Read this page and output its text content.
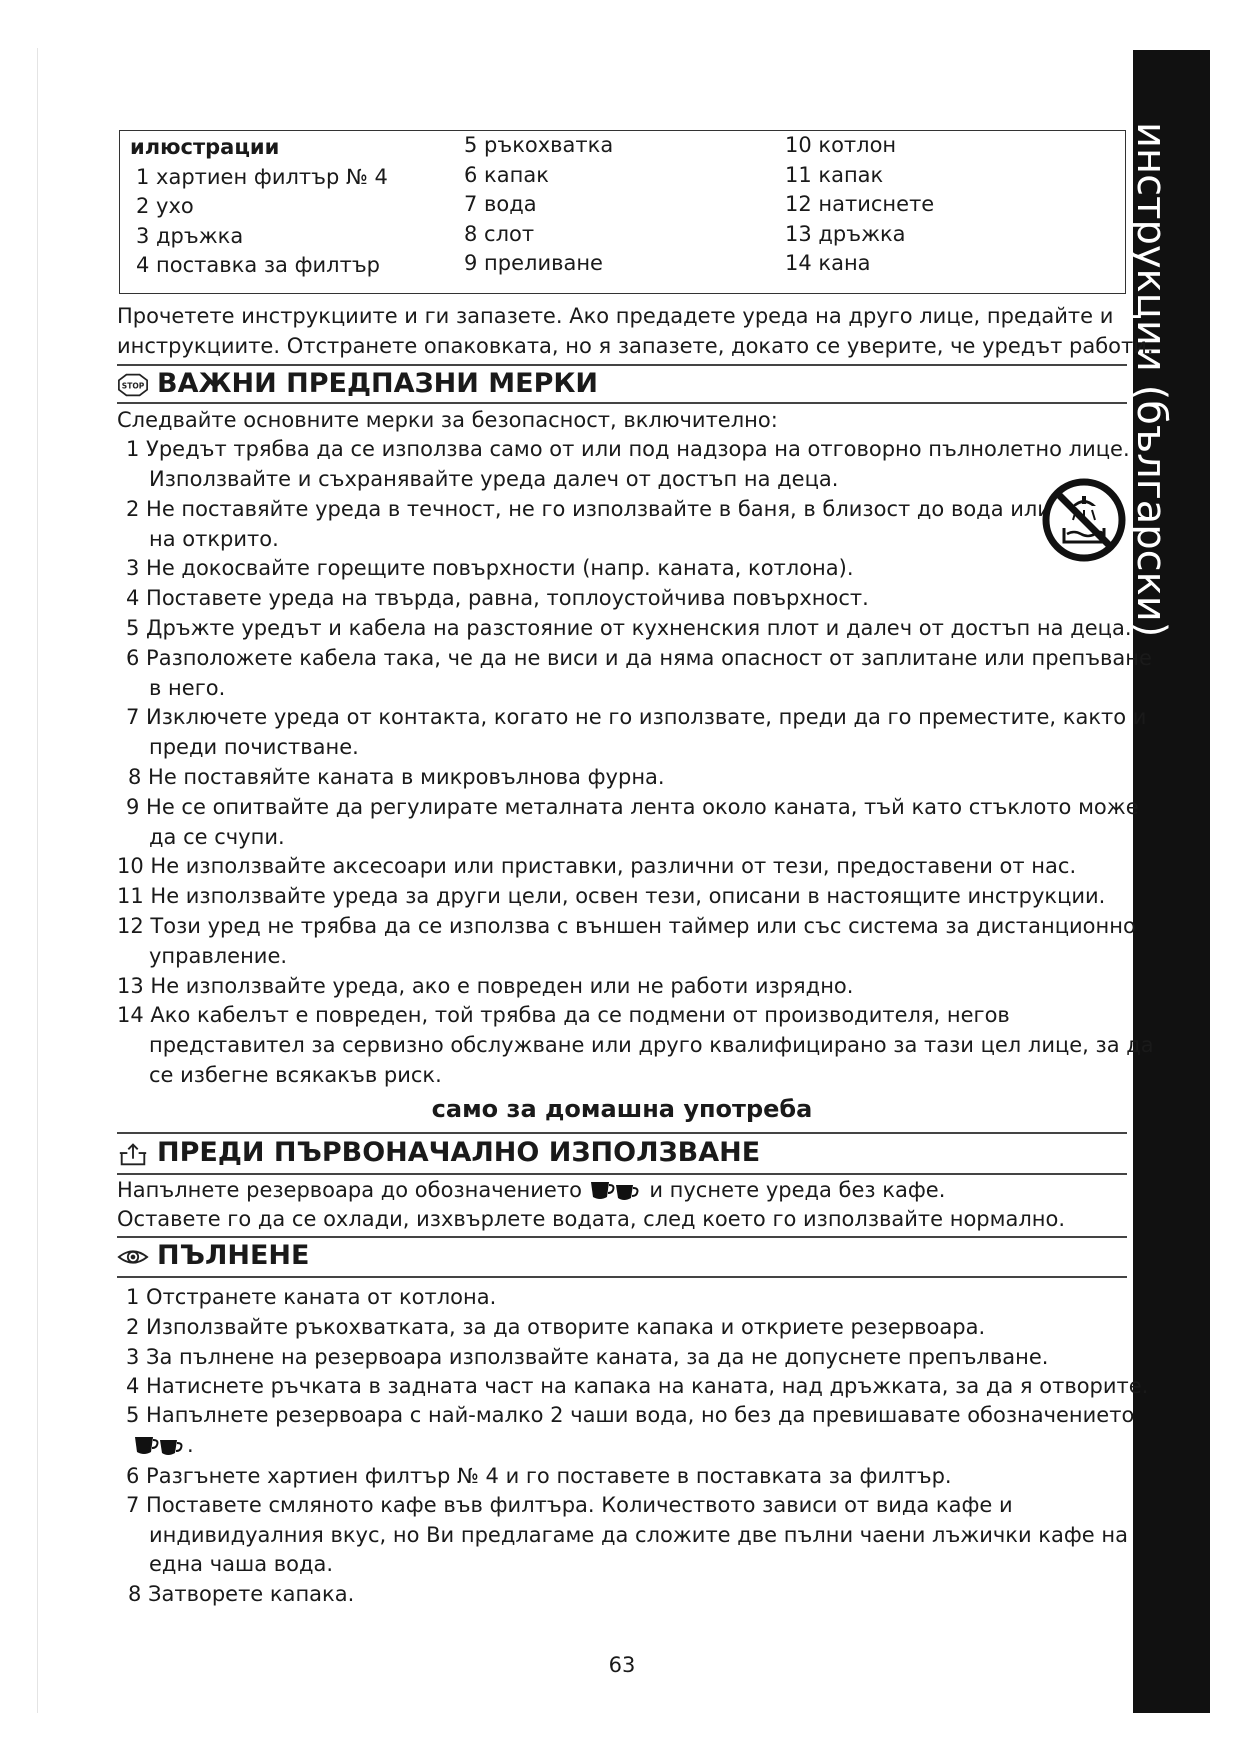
инструкции (български)
илюстрации
1 хартиен филтър № 4
2 ухо
3 дръжка
4 поставка за филтър
5 ръкохватка
6 капак
7 вода
8 слот
9 преливане
10 котлон
11 капак
12 натиснете
13 дръжка
14 кана
Прочетете инструкциите и ги запазете. Ако предадете уреда на друго лице, предайте и
инструкциите. Отстранете опаковката, но я запазете, докато се уверите, че уредът работи.
STOP ВАЖНИ ПРЕДПАЗНИ МЕРКИ
Следвайте основните мерки за безопасност, включително:
1 Уредът трябва да се използва само от или под надзора на отговорно пълнолетно лице.
Използвайте и съхранявайте уреда далеч от достъп на деца.
2 Не поставяйте уреда в течност, не го използвайте в баня, в близост до вода или
на открито.
3 Не докосвайте горещите повърхности (напр. каната, котлона).
4 Поставете уреда на твърда, равна, топлоустойчива повърхност.
5 Дръжте уредът и кабела на разстояние от кухненския плот и далеч от достъп на деца.
6 Разположете кабела така, че да не виси и да няма опасност от заплитане или препъване
в него.
7 Изключете уреда от контакта, когато не го използвате, преди да го преместите, както и
преди почистване.
8 Не поставяйте каната в микровълнова фурна.
9 Не се опитвайте да регулирате металната лента около каната, тъй като стъклото може
да се счупи.
10 Не използвайте аксесоари или приставки, различни от тези, предоставени от нас.
11 Не използвайте уреда за други цели, освен тези, описани в настоящите инструкции.
12 Този уред не трябва да се използва с външен таймер или със система за дистанционно
управление.
13 Не използвайте уреда, ако е повреден или не работи изрядно.
14 Ако кабелът е повреден, той трябва да се подмени от производителя, негов
представител за сервизно обслужване или друго квалифицирано за тази цел лице, за да
се избегне всякакъв риск.
само за домашна употреба
ПРЕДИ ПЪРВОНАЧАЛНО ИЗПОЛЗВАНЕ
Напълнете резервоара до обозначението	и пуснете уреда без кафе.
Оставете го да се охлади, изхвърлете водата, след което го използвайте нормално.
ПЪЛНЕНЕ
1 Отстранете каната от котлона.
2 Използвайте ръкохватката, за да отворите капака и откриете резервоара.
3 За пълнене на резервоара използвайте каната, за да не допуснете препълване.
4 Натиснете ръчката в задната част на капака на каната, над дръжката, за да я отворите.
5 Напълнете резервоара с най-малко 2 чаши вода, но без да превишавате обозначението
.
6 Разгънете хартиен филтър № 4 и го поставете в поставката за филтър.
7 Поставете смляното кафе във филтъра. Количеството зависи от вида кафе и
индивидуалния вкус, но Ви предлагаме да сложите две пълни чаени лъжички кафе на
една чаша вода.
8 Затворете капака.
63
